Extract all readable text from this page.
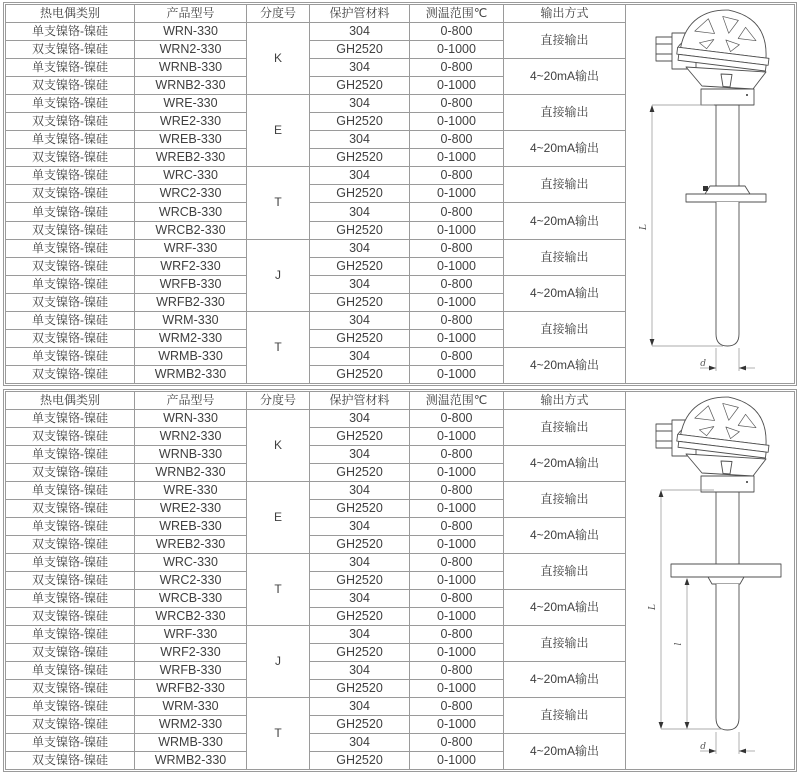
热电偶类别	产品型号	分度号	保护管材料	测温范围℃	输出方式	L
d

单支镍铬-镍硅	WRN-330	K	304	0-800	直接输出	
双支镍铬-镍硅	WRN2-330		GH2520	0-1000		
单支镍铬-镍硅	WRNB-330		304	0-800	4~20mA输出	
双支镍铬-镍硅	WRNB2-330		GH2520	0-1000		
单支镍铬-镍硅	WRE-330	E	304	0-800	直接输出	
双支镍铬-镍硅	WRE2-330		GH2520	0-1000		
单支镍铬-镍硅	WREB-330		304	0-800	4~20mA输出	
双支镍铬-镍硅	WREB2-330		GH2520	0-1000		
单支镍铬-镍硅	WRC-330	T	304	0-800	直接输出	
双支镍铬-镍硅	WRC2-330		GH2520	0-1000		
单支镍铬-镍硅	WRCB-330		304	0-800	4~20mA输出	
双支镍铬-镍硅	WRCB2-330		GH2520	0-1000		
单支镍铬-镍硅	WRF-330	J	304	0-800	直接输出	
双支镍铬-镍硅	WRF2-330		GH2520	0-1000		
单支镍铬-镍硅	WRFB-330		304	0-800	4~20mA输出	
双支镍铬-镍硅	WRFB2-330		GH2520	0-1000		
单支镍铬-镍硅	WRM-330	T	304	0-800	直接输出	
双支镍铬-镍硅	WRM2-330		GH2520	0-1000		
单支镍铬-镍硅	WRMB-330		304	0-800	4~20mA输出	
双支镍铬-镍硅	WRMB2-330		GH2520	0-1000		
热电偶类别	产品型号	分度号	保护管材料	测温范围℃	输出方式	L
l
d

单支镍铬-镍硅	WRN-330	K	304	0-800	直接输出	
双支镍铬-镍硅	WRN2-330		GH2520	0-1000		
单支镍铬-镍硅	WRNB-330		304	0-800	4~20mA输出	
双支镍铬-镍硅	WRNB2-330		GH2520	0-1000		
单支镍铬-镍硅	WRE-330	E	304	0-800	直接输出	
双支镍铬-镍硅	WRE2-330		GH2520	0-1000		
单支镍铬-镍硅	WREB-330		304	0-800	4~20mA输出	
双支镍铬-镍硅	WREB2-330		GH2520	0-1000		
单支镍铬-镍硅	WRC-330	T	304	0-800	直接输出	
双支镍铬-镍硅	WRC2-330		GH2520	0-1000		
单支镍铬-镍硅	WRCB-330		304	0-800	4~20mA输出	
双支镍铬-镍硅	WRCB2-330		GH2520	0-1000		
单支镍铬-镍硅	WRF-330	J	304	0-800	直接输出	
双支镍铬-镍硅	WRF2-330		GH2520	0-1000		
单支镍铬-镍硅	WRFB-330		304	0-800	4~20mA输出	
双支镍铬-镍硅	WRFB2-330		GH2520	0-1000		
单支镍铬-镍硅	WRM-330	T	304	0-800	直接输出	
双支镍铬-镍硅	WRM2-330		GH2520	0-1000		
单支镍铬-镍硅	WRMB-330		304	0-800	4~20mA输出	
双支镍铬-镍硅	WRMB2-330		GH2520	0-1000		
